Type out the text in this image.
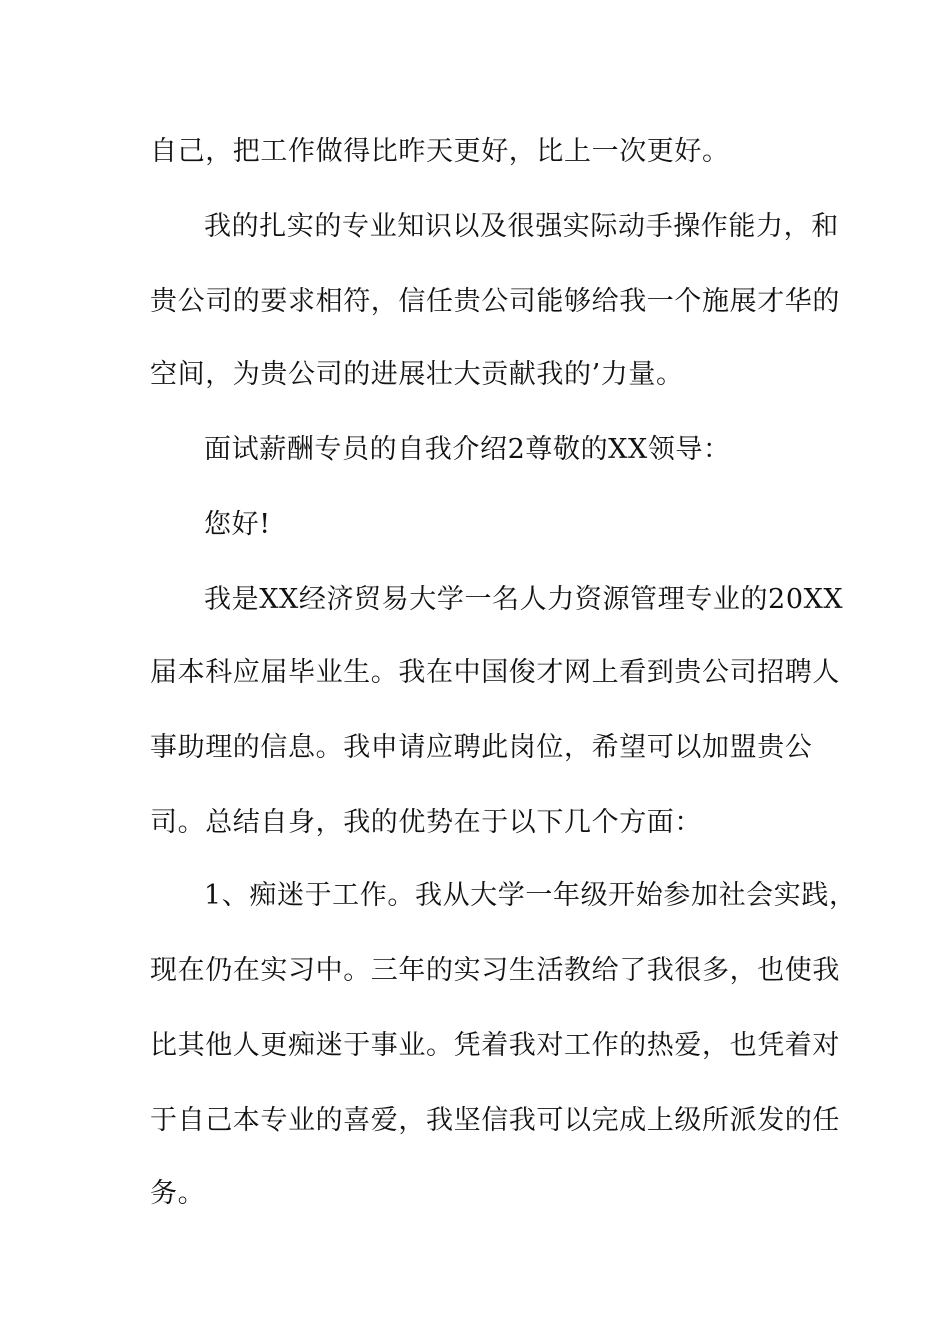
自己，把工作做得比昨天更好，比上一次更好。
我的扎实的专业知识以及很强实际动手操作能力，和
贵公司的要求相符，信任贵公司能够给我一个施展才华的
空间，为贵公司的进展壮大贡献我的’力量。
面试薪酬专员的自我介绍2尊敬的XX领导：
您好!
我是XX经济贸易大学一名人力资源管理专业的20XX
届本科应届毕业生。我在中国俊才网上看到贵公司招聘人
事助理的信息。我申请应聘此岗位，希望可以加盟贵公
司。总结自身，我的优势在于以下几个方面：
1、痴迷于工作。我从大学一年级开始参加社会实践，
现在仍在实习中。三年的实习生活教给了我很多，也使我
比其他人更痴迷于事业。凭着我对工作的热爱，也凭着对
于自己本专业的喜爱，我坚信我可以完成上级所派发的任
务。
